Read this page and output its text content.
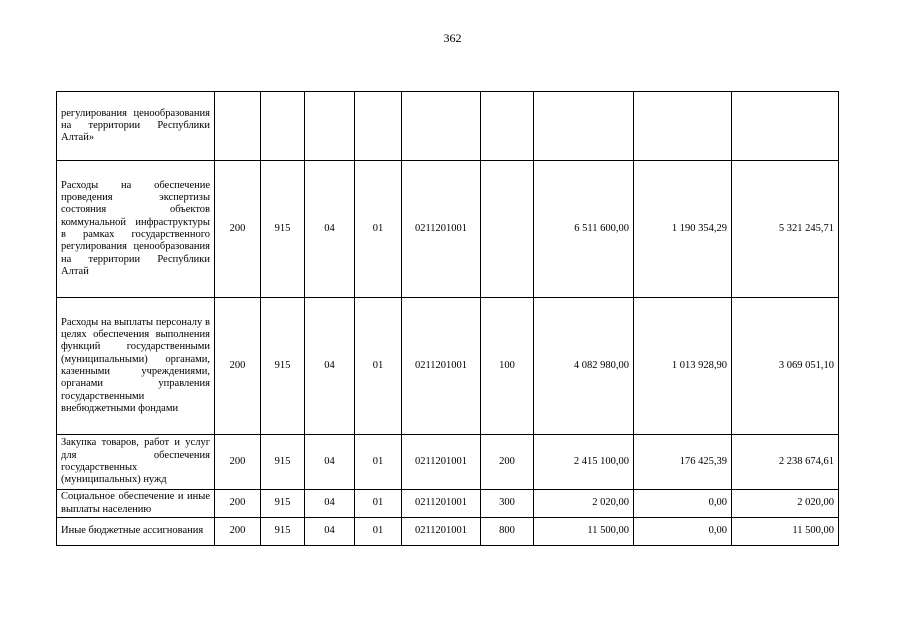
362
регулирования ценообразования на территории Республики Алтай»									
Расходы на обеспечение проведения экспертизы состояния объектов коммунальной инфраструктуры в рамках государственного регулирования ценообразования на территории Республики Алтай	200	915	04	01	0211201001		6 511 600,00	1 190 354,29	5 321 245,71
Расходы на выплаты персоналу в целях обеспечения выполнения функций государственными (муниципальными) органами, казенными учреждениями, органами управления государственными внебюджетными фондами	200	915	04	01	0211201001	100	4 082 980,00	1 013 928,90	3 069 051,10
Закупка товаров, работ и услуг для обеспечения государственных (муниципальных) нужд	200	915	04	01	0211201001	200	2 415 100,00	176 425,39	2 238 674,61
Социальное обеспечение и иные выплаты населению	200	915	04	01	0211201001	300	2 020,00	0,00	2 020,00
Иные бюджетные ассигнования	200	915	04	01	0211201001	800	11 500,00	0,00	11 500,00
